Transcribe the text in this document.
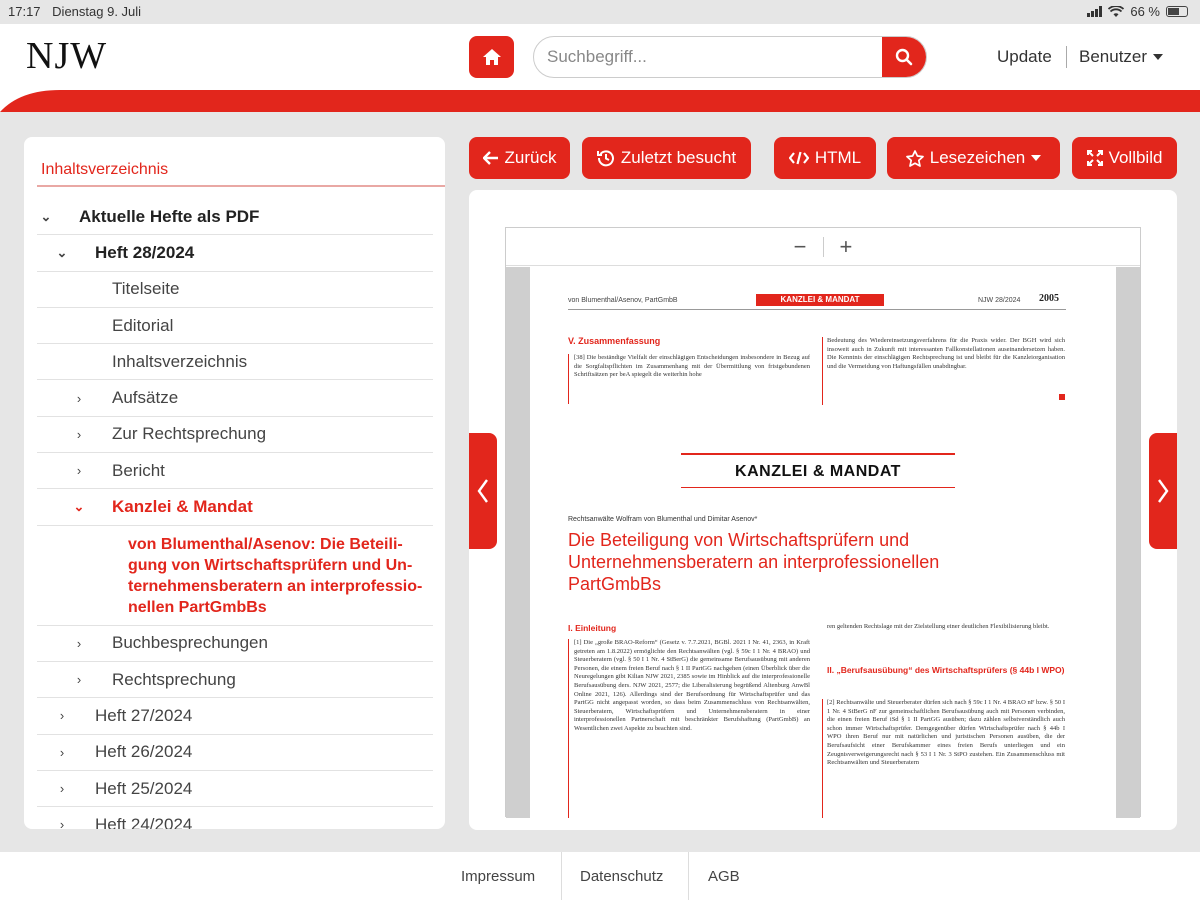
17:17 Dienstag 9. Juli	66 %
NJW
Suchbegriff...	Update Benutzer
Inhaltsverzeichnis
⌄ Aktuelle Hefte als PDF
⌄ Heft 28/2024
Titelseite
Editorial
Inhaltsverzeichnis
›	Aufsätze
›	Zur Rechtsprechung
›	Bericht
⌄ Kanzlei & Mandat
von Blumenthal/Asenov: Die Beteili-gung von Wirtschaftsprüfern und Un-ternehmensberatern an interprofessio-nellen PartGmbBs
›	Buchbesprechungen
›	Rechtsprechung
›	Heft 27/2024
›	Heft 26/2024
›	Heft 25/2024
›	Heft 24/2024
Zurück	Zuletzt besucht	HTML	Lesezeichen	Vollbild
− +
von Blumenthal/Asenov, PartGmbB	KANZLEI & MANDAT	NJW 28/2024 2005
V. Zusammenfassung
[38] Die beständige Vielfalt der einschlägigen Entscheidungen insbesondere in Bezug auf die Sorgfaltspflichten im Zusammenhang mit der Übermittlung von fristgebundenen Schriftsätzen per beA spiegelt die weiterhin hohe
Bedeutung des Wiedereinsetzungsverfahrens für die Praxis wider. Der BGH wird sich insoweit auch in Zukunft mit interessanten Fallkonstellationen auseinandersetzen haben. Die Kenntnis der einschlägigen Rechtsprechung ist und bleibt für die Kanzleiorganisation und die Vermeidung von Haftungsfällen unabdingbar.
KANZLEI & MANDAT
Rechtsanwälte Wolfram von Blumenthal und Dimitar Asenov*
Die Beteiligung von Wirtschaftsprüfern und Unternehmensberatern an interprofessionellen PartGmbBs
I. Einleitung
[1] Die „große BRAO-Reform“ (Gesetz v. 7.7.2021, BGBl. 2021 I Nr. 41, 2363, in Kraft getreten am 1.8.2022) ermöglichte den Rechtsanwälten (vgl. § 59c I 1 Nr. 4 BRAO) und Steuerberatern (vgl. § 50 I 1 Nr. 4 StBerG) die gemeinsame Berufsausübung mit anderen Personen, die einem freien Beruf nach § 1 II PartGG nachgehen (einen Überblick über die Neuregelungen gibt Kilian NJW 2021, 2385 sowie im Hinblick auf die interprofessionelle Berufsausübung ders. NJW 2021, 2577; die Liberalisierung begrüßend Altenburg AnwBl Online 2021, 126). Allerdings sind der Berufsordnung für Wirtschaftsprüfer und das PartGG nicht angepasst worden, so dass beim Zusammenschluss von Rechtsanwälten, Steuerberatern, Wirtschaftsprüfern und Unternehmensberatern in einer interprofessionellen Partnerschaft mit beschränkter Berufshaftung (PartGmbB) an Wesentlichen zwei Aspekte zu beachten sind.
ren geltenden Rechtslage mit der Zielstellung einer deutlichen Flexibilisierung bleibt.
II. „Berufsausübung“ des Wirtschaftsprüfers (§ 44b I WPO)
[2] Rechtsanwälte und Steuerberater dürfen sich nach § 59c I 1 Nr. 4 BRAO nF bzw. § 50 I 1 Nr. 4 StBerG nF zur gemeinschaftlichen Berufsausübung auch mit Personen verbinden, die einen freien Beruf iSd § 1 II PartGG ausüben; dazu zählen selbstverständlich auch schon immer Wirtschaftsprüfer. Demgegenüber dürfen Wirtschaftsprüfer nach § 44b I WPO ihren Beruf nur mit natürlichen und juristischen Personen ausüben, die der Berufsaufsicht einer Berufskammer eines freien Berufs unterliegen und ein Zeugnisverweigerungsrecht nach § 53 I 1 Nr. 3 StPO zustehen. Ein Zusammenschluss mit Rechtsanwälten und Steuerberatern
Impressum	Datenschutz	AGB
